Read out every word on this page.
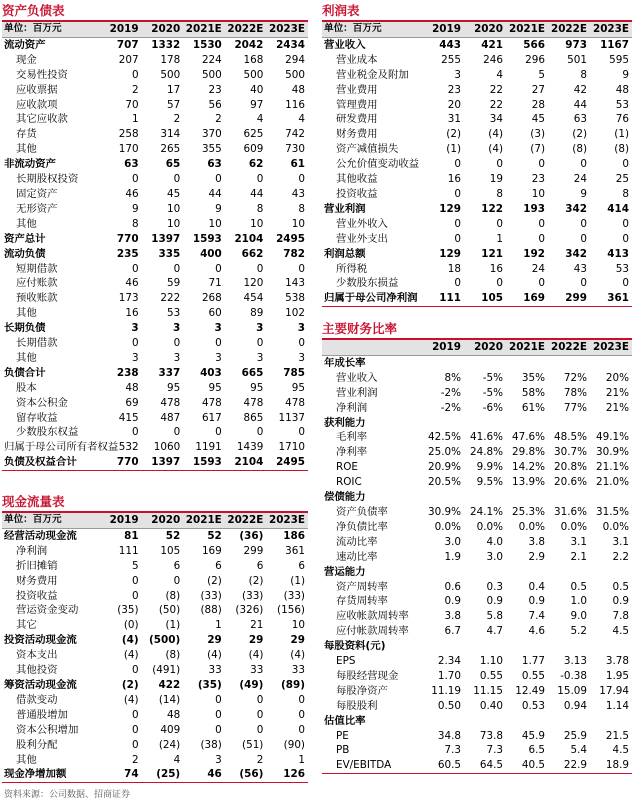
资产负债表
单位：百万元	2019	2020	2021E	2022E	2023E
流动资产	707	1332	1530	2042	2434
现金	207	178	224	168	294
交易性投资	0	500	500	500	500
应收票据	2	17	23	40	48
应收款项	70	57	56	97	116
其它应收款	1	2	2	4	4
存货	258	314	370	625	742
其他	170	265	355	609	730
非流动资产	63	65	63	62	61
长期股权投资	0	0	0	0	0
固定资产	46	45	44	44	43
无形资产	9	10	9	8	8
其他	8	10	10	10	10
资产总计	770	1397	1593	2104	2495
流动负债	235	335	400	662	782
短期借款	0	0	0	0	0
应付账款	46	59	71	120	143
预收账款	173	222	268	454	538
其他	16	53	60	89	102
长期负债	3	3	3	3	3
长期借款	0	0	0	0	0
其他	3	3	3	3	3
负债合计	238	337	403	665	785
股本	48	95	95	95	95
资本公积金	69	478	478	478	478
留存收益	415	487	617	865	1137
少数股东权益	0	0	0	0	0
归属于母公司所有者权益	532	1060	1191	1439	1710
负债及权益合计	770	1397	1593	2104	2495
现金流量表
单位：百万元	2019	2020	2021E	2022E	2023E
经营活动现金流	81	52	52	(36)	186
净利润	111	105	169	299	361
折旧摊销	5	6	6	6	6
财务费用	0	0	(2)	(2)	(1)
投资收益	0	(8)	(33)	(33)	(33)
营运资金变动	(35)	(50)	(88)	(326)	(156)
其它	(0)	(1)	1	21	10
投资活动现金流	(4)	(500)	29	29	29
资本支出	(4)	(8)	(4)	(4)	(4)
其他投资	0	(491)	33	33	33
筹资活动现金流	(2)	422	(35)	(49)	(89)
借款变动	(4)	(14)	0	0	0
普通股增加	0	48	0	0	0
资本公积增加	0	409	0	0	0
股利分配	0	(24)	(38)	(51)	(90)
其他	2	4	3	2	1
现金净增加额	74	(25)	46	(56)	126
利润表
单位：百万元	2019	2020	2021E	2022E	2023E
营业收入	443	421	566	973	1167
营业成本	255	246	296	501	595
营业税金及附加	3	4	5	8	9
营业费用	23	22	27	42	48
管理费用	20	22	28	44	53
研发费用	31	34	45	63	76
财务费用	(2)	(4)	(3)	(2)	(1)
资产减值损失	(1)	(4)	(7)	(8)	(8)
公允价值变动收益	0	0	0	0	0
其他收益	16	19	23	24	25
投资收益	0	8	10	9	8
营业利润	129	122	193	342	414
营业外收入	0	0	0	0	0
营业外支出	0	1	0	0	0
利润总额	129	121	192	342	413
所得税	18	16	24	43	53
少数股东损益	0	0	0	0	0
归属于母公司净利润	111	105	169	299	361
主要财务比率
	2019	2020	2021E	2022E	2023E
年成长率					
营业收入	8%	-5%	35%	72%	20%
营业利润	-2%	-5%	58%	78%	21%
净利润	-2%	-6%	61%	77%	21%
获利能力					
毛利率	42.5%	41.6%	47.6%	48.5%	49.1%
净利率	25.0%	24.8%	29.8%	30.7%	30.9%
ROE	20.9%	9.9%	14.2%	20.8%	21.1%
ROIC	20.5%	9.5%	13.9%	20.6%	21.0%
偿债能力					
资产负债率	30.9%	24.1%	25.3%	31.6%	31.5%
净负债比率	0.0%	0.0%	0.0%	0.0%	0.0%
流动比率	3.0	4.0	3.8	3.1	3.1
速动比率	1.9	3.0	2.9	2.1	2.2
营运能力					
资产周转率	0.6	0.3	0.4	0.5	0.5
存货周转率	0.9	0.9	0.9	1.0	0.9
应收帐款周转率	3.8	5.8	7.4	9.0	7.8
应付帐款周转率	6.7	4.7	4.6	5.2	4.5
每股资料(元)					
EPS	2.34	1.10	1.77	3.13	3.78
每股经营现金	1.70	0.55	0.55	-0.38	1.95
每股净资产	11.19	11.15	12.49	15.09	17.94
每股股利	0.50	0.40	0.53	0.94	1.14
估值比率					
PE	34.8	73.8	45.9	25.9	21.5
PB	7.3	7.3	6.5	5.4	4.5
EV/EBITDA	60.5	64.5	40.5	22.9	18.9
资料来源：公司数据、招商证券
